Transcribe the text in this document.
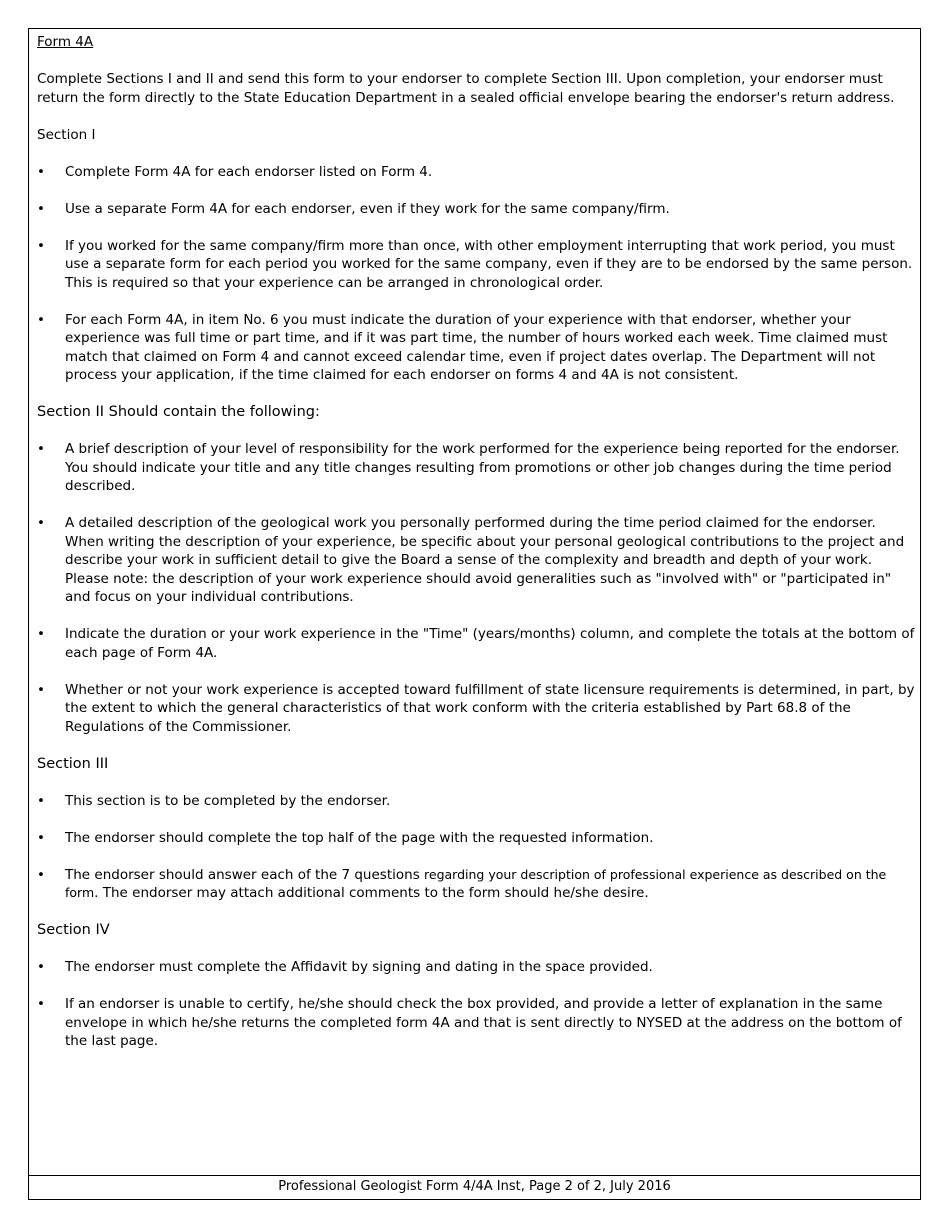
Form 4A
Complete Sections I and II and send this form to your endorser to complete Section III. Upon completion, your endorser must return the form directly to the State Education Department in a sealed official envelope bearing the endorser's return address.
Section I
• Complete Form 4A for each endorser listed on Form 4.
• Use a separate Form 4A for each endorser, even if they work for the same company/firm.
• If you worked for the same company/firm more than once, with other employment interrupting that work period, you must use a separate form for each period you worked for the same company, even if they are to be endorsed by the same person. This is required so that your experience can be arranged in chronological order.
• For each Form 4A, in item No. 6 you must indicate the duration of your experience with that endorser, whether your experience was full time or part time, and if it was part time, the number of hours worked each week. Time claimed must match that claimed on Form 4 and cannot exceed calendar time, even if project dates overlap. The Department will not process your application, if the time claimed for each endorser on forms 4 and 4A is not consistent.
Section II Should contain the following:
• A brief description of your level of responsibility for the work performed for the experience being reported for the endorser. You should indicate your title and any title changes resulting from promotions or other job changes during the time period described.
• A detailed description of the geological work you personally performed during the time period claimed for the endorser. When writing the description of your experience, be specific about your personal geological contributions to the project and describe your work in sufficient detail to give the Board a sense of the complexity and breadth and depth of your work. Please note: the description of your work experience should avoid generalities such as "involved with" or "participated in" and focus on your individual contributions.
• Indicate the duration or your work experience in the "Time" (years/months) column, and complete the totals at the bottom of each page of Form 4A.
• Whether or not your work experience is accepted toward fulfillment of state licensure requirements is determined, in part, by the extent to which the general characteristics of that work conform with the criteria established by Part 68.8 of the Regulations of the Commissioner.
Section III
• This section is to be completed by the endorser.
• The endorser should complete the top half of the page with the requested information.
• The endorser should answer each of the 7 questions regarding your description of professional experience as described on the form. The endorser may attach additional comments to the form should he/she desire.
Section IV
• The endorser must complete the Affidavit by signing and dating in the space provided.
• If an endorser is unable to certify, he/she should check the box provided, and provide a letter of explanation in the same envelope in which he/she returns the completed form 4A and that is sent directly to NYSED at the address on the bottom of the last page.
Professional Geologist Form 4/4A Inst, Page 2 of 2, July 2016
